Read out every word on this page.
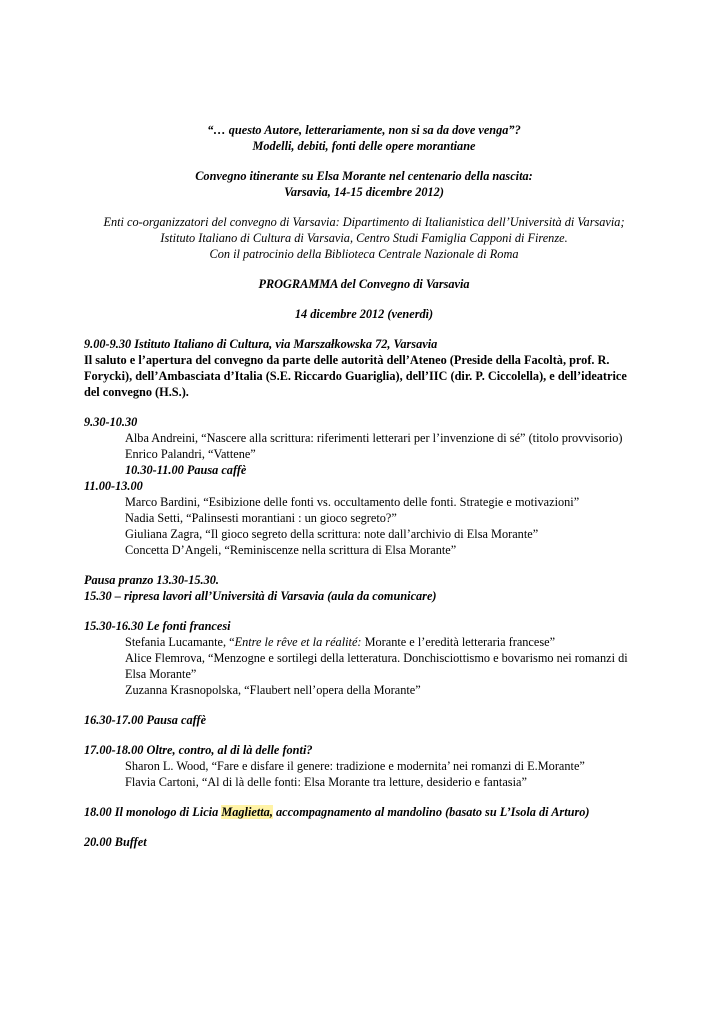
“… questo Autore, letterariamente, non si sa da dove venga”?

Modelli, debiti, fonti delle opere morantiane

Convegno itinerante su Elsa Morante nel centenario della nascita:

Varsavia, 14-15 dicembre 2012)

Enti co-organizzatori del convegno di Varsavia: Dipartimento di Italianistica dell’Università di Varsavia;

Istituto Italiano di Cultura di Varsavia, Centro Studi Famiglia Capponi di Firenze.

Con il patrocinio della Biblioteca Centrale Nazionale di Roma

PROGRAMMA del Convegno di Varsavia

14 dicembre 2012 (venerdì)

9.00-9.30 Istituto Italiano di Cultura, via Marszałkowska 72, Varsavia

Il saluto e l’apertura del convegno da parte delle autorità dell’Ateneo (Preside della Facoltà, prof. R. Forycki), dell’Ambasciata d’Italia (S.E. Riccardo Guariglia), dell’IIC (dir. P. Ciccolella), e dell’ideatrice del convegno (H.S.).

9.30-10.30

Alba Andreini, “Nascere alla scrittura: riferimenti letterari per l’invenzione di sé” (titolo provvisorio)

Enrico Palandri, “Vattene”

10.30-11.00 Pausa caffè

11.00-13.00

Marco Bardini, “Esibizione delle fonti vs. occultamento delle fonti. Strategie e motivazioni”

Nadia Setti, “Palinsesti morantiani : un gioco segreto?”

Giuliana Zagra, “Il gioco segreto della scrittura: note dall’archivio di Elsa Morante”

Concetta D’Angeli, “Reminiscenze nella scrittura di Elsa Morante”

Pausa pranzo 13.30-15.30.

15.30 – ripresa lavori all’Università di Varsavia (aula da comunicare)

15.30-16.30 Le fonti francesi

Stefania Lucamante, “Entre le rêve et la réalité: Morante e l’eredità letteraria francese”

Alice Flemrova, “Menzogne e sortilegi della letteratura. Donchisciottismo e bovarismo nei romanzi di Elsa Morante”

Zuzanna Krasnopolska, “Flaubert nell’opera della Morante”

16.30-17.00 Pausa caffè

17.00-18.00 Oltre, contro, al di là delle fonti?

Sharon L. Wood, “Fare e disfare il genere: tradizione e modernita’ nei romanzi di E.Morante”

Flavia Cartoni, “Al di là delle fonti: Elsa Morante tra letture, desiderio e fantasia”

18.00 Il monologo di Licia Maglietta, accompagnamento al mandolino (basato su L’Isola di Arturo)

20.00 Buffet
